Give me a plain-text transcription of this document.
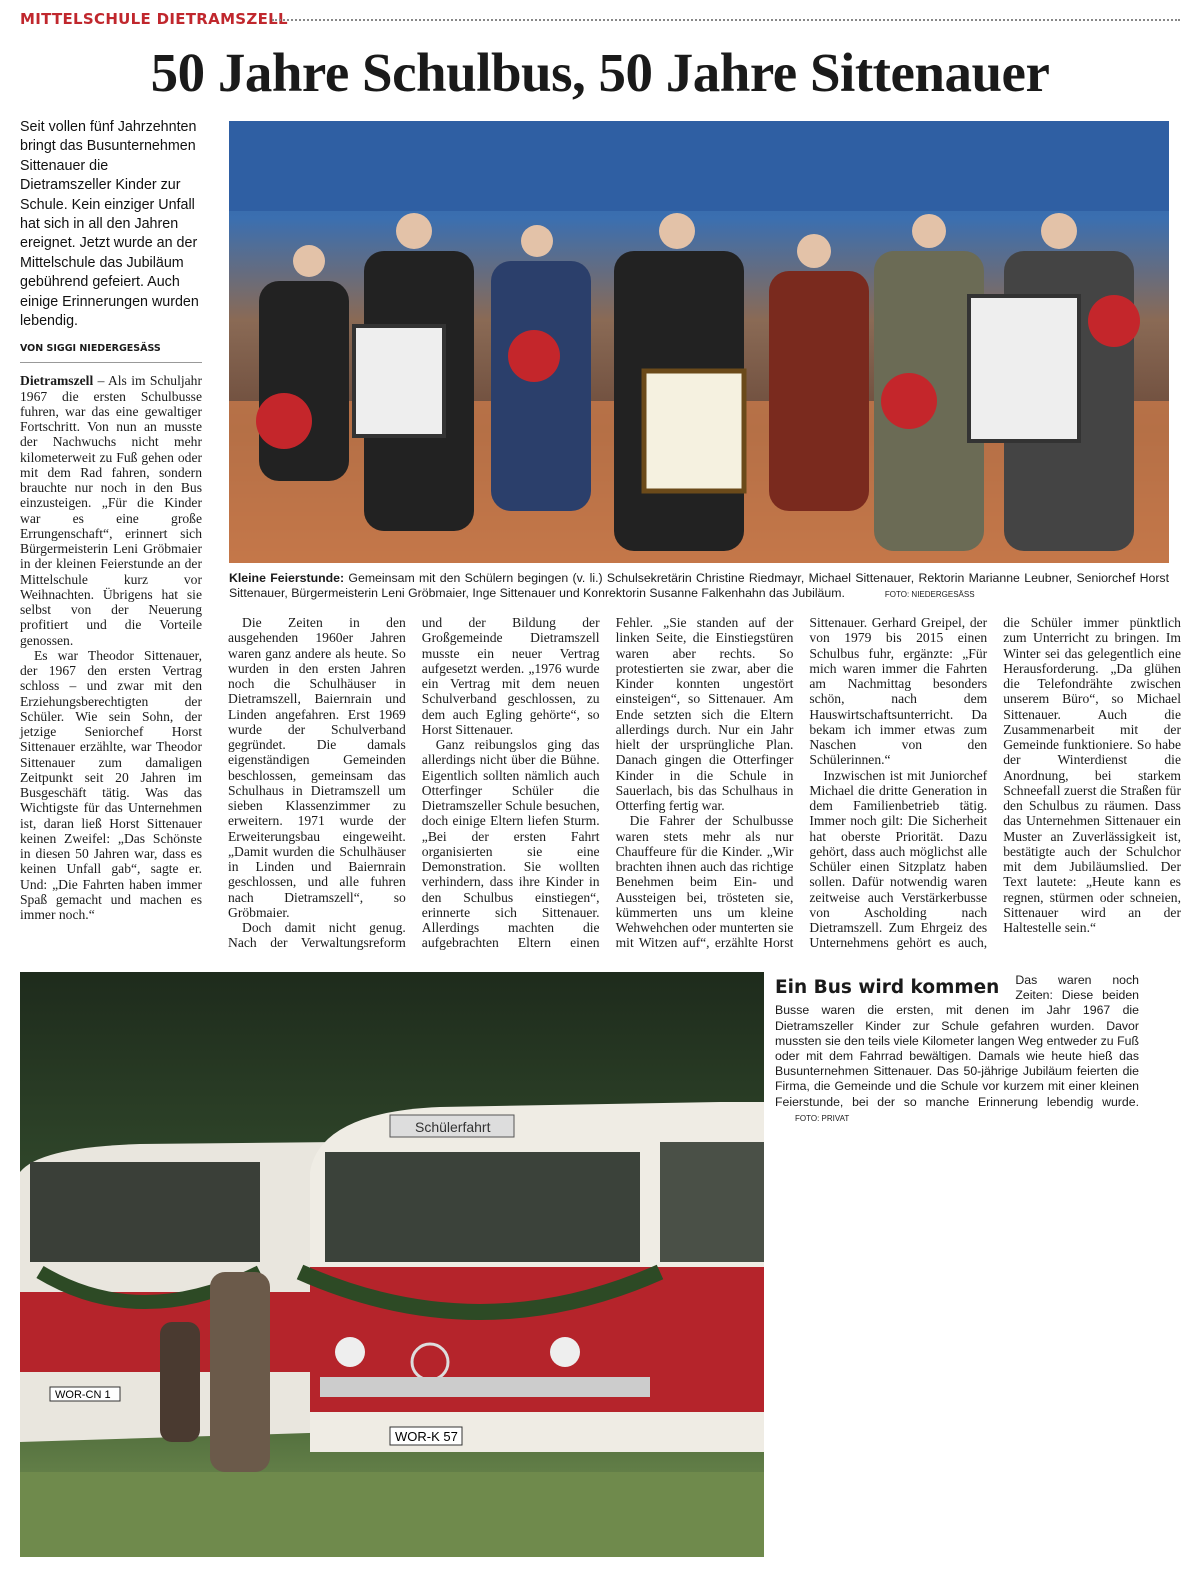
MITTELSCHULE DIETRAMSZELL
50 Jahre Schulbus, 50 Jahre Sittenauer
Seit vollen fünf Jahrzehnten bringt das Busunternehmen Sittenauer die Dietramszeller Kinder zur Schule. Kein einziger Unfall hat sich in all den Jahren ereignet. Jetzt wurde an der Mittelschule das Jubiläum gebührend gefeiert. Auch einige Erinnerungen wurden lebendig.
VON SIGGI NIEDERGESÄSS

Dietramszell – Als im Schuljahr 1967 die ersten Schulbusse fuhren, war das eine gewaltiger Fortschritt. Von nun an musste der Nachwuchs nicht mehr kilometerweit zu Fuß gehen oder mit dem Rad fahren, sondern brauchte nur noch in den Bus einzusteigen. „Für die Kinder war es eine große Errungenschaft“, erinnert sich Bürgermeisterin Leni Gröbmaier in der kleinen Feierstunde an der Mittelschule kurz vor Weihnachten. Übrigens hat sie selbst von der Neuerung profitiert und die Vorteile genossen.

Es war Theodor Sittenauer, der 1967 den ersten Vertrag schloss – und zwar mit den Erziehungsberechtigten der Schüler. Wie sein Sohn, der jetzige Seniorchef Horst Sittenauer erzählte, war Theodor Sittenauer zum damaligen Zeitpunkt seit 20 Jahren im Busgeschäft tätig. Was das Wichtigste für das Unternehmen ist, daran ließ Horst Sittenauer keinen Zweifel: „Das Schönste in diesen 50 Jahren war, dass es keinen Unfall gab“, sagte er. Und: „Die Fahrten haben immer Spaß gemacht und machen es immer noch.“

Kleine Feierstunde: Gemeinsam mit den Schülern begingen (v. li.) Schulsekretärin Christine Riedmayr, Michael Sittenauer, Rektorin Marianne Leubner, Seniorchef Horst Sittenauer, Bürgermeisterin Leni Gröbmaier, Inge Sittenauer und Konrektorin Susanne Falkenhahn das Jubiläum.	FOTO: NIEDERGESÄSS

Die Zeiten in den ausgehenden 1960er Jahren waren ganz andere als heute. So wurden in den ersten Jahren noch die Schulhäuser in Dietramszell, Baiernrain und Linden angefahren. Erst 1969 wurde der Schulverband gegründet. Die damals eigenständigen Gemeinden beschlossen, gemeinsam das Schulhaus in Dietramszell um sieben Klassenzimmer zu erweitern. 1971 wurde der Erweiterungsbau eingeweiht. „Damit wurden die Schulhäuser in Linden und Baiernrain geschlossen, und alle fuhren nach Dietramszell“, so Gröbmaier.

Doch damit nicht genug. Nach der Verwaltungsreform und der Bildung der Großgemeinde Dietramszell musste ein neuer Vertrag aufgesetzt werden. „1976 wurde ein Vertrag mit dem neuen Schulverband geschlossen, zu dem auch Egling gehörte“, so Horst Sittenauer.

Ganz reibungslos ging das allerdings nicht über die Bühne. Eigentlich sollten nämlich auch Otterfinger Schüler die Dietramszeller Schule besuchen, doch einige Eltern liefen Sturm. „Bei der ersten Fahrt organisierten sie eine Demonstration. Sie wollten verhindern, dass ihre Kinder in den Schulbus einstiegen“, erinnerte sich Sittenauer. Allerdings machten die aufgebrachten Eltern einen Fehler. „Sie standen auf der linken Seite, die Einstiegstüren waren aber rechts. So protestierten sie zwar, aber die Kinder konnten ungestört einsteigen“, so Sittenauer. Am Ende setzten sich die Eltern allerdings durch. Nur ein Jahr hielt der ursprüngliche Plan. Danach gingen die Otterfinger Kinder in die Schule in Sauerlach, bis das Schulhaus in Otterfing fertig war.

Die Fahrer der Schulbusse waren stets mehr als nur Chauffeure für die Kinder. „Wir brachten ihnen auch das richtige Benehmen beim Ein- und Aussteigen bei, trösteten sie, kümmerten uns um kleine Wehwehchen oder munterten sie mit Witzen auf“, erzählte Horst Sittenauer. Gerhard Greipel, der von 1979 bis 2015 einen Schulbus fuhr, ergänzte: „Für mich waren immer die Fahrten am Nachmittag besonders schön, nach dem Hauswirtschaftsunterricht. Da bekam ich immer etwas zum Naschen von den Schülerinnen.“

Inzwischen ist mit Juniorchef Michael die dritte Generation in dem Familienbetrieb tätig. Immer noch gilt: Die Sicherheit hat oberste Priorität. Dazu gehört, dass auch möglichst alle Schüler einen Sitzplatz haben sollen. Dafür notwendig waren zeitweise auch Verstärkerbusse von Ascholding nach Dietramszell. Zum Ehrgeiz des Unternehmens gehört es auch, die Schüler immer pünktlich zum Unterricht zu bringen. Im Winter sei das gelegentlich eine Herausforderung. „Da glühen die Telefondrähte zwischen unserem Büro“, so Michael Sittenauer. Auch die Zusammenarbeit mit der Gemeinde funktioniere. So habe der Winterdienst die Anordnung, bei starkem Schneefall zuerst die Straßen für den Schulbus zu räumen. Dass das Unternehmen Sittenauer ein Muster an Zuverlässigkeit ist, bestätigte auch der Schulchor mit dem Jubiläumslied. Der Text lautete: „Heute kann es regnen, stürmen oder schneien, Sittenauer wird an der Haltestelle sein.“

WOR-CN 1
Schülerfahrt
WOR-K 57
Ein Bus wird kommen Das waren noch Zeiten: Diese beiden Busse waren die ersten, mit denen im Jahr 1967 die Dietramszeller Kinder zur Schule gefahren wurden. Davor mussten sie den teils viele Kilometer langen Weg entweder zu Fuß oder mit dem Fahrrad bewältigen. Damals wie heute hieß das Busunternehmen Sittenauer. Das 50-jährige Jubiläum feierten die Firma, die Gemeinde und die Schule vor kurzem mit einer kleinen Feierstunde, bei der so manche Erinnerung lebendig wurde.FOTO: PRIVAT
